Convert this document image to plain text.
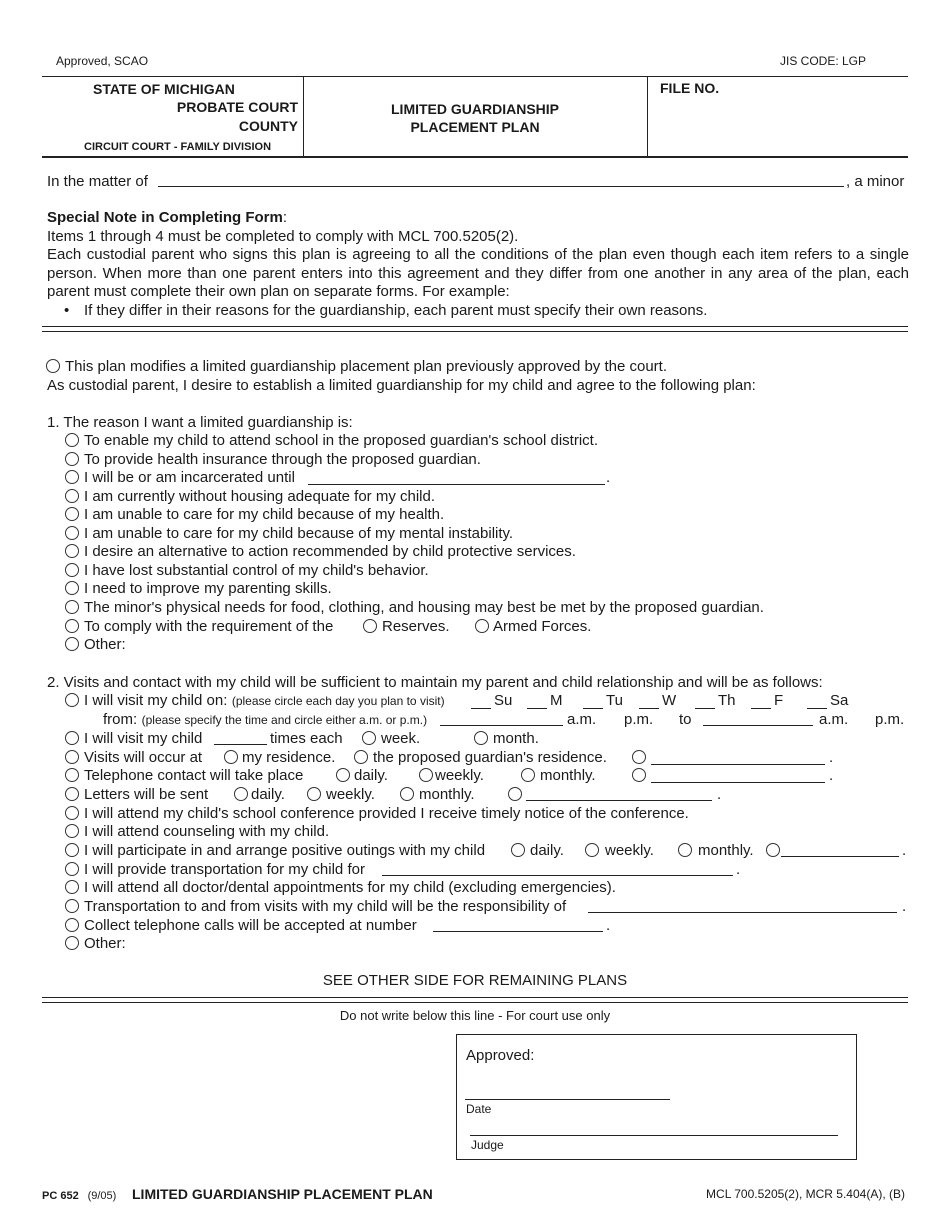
Approved, SCAO	JIS CODE: LGP
STATE OF MICHIGAN
PROBATE COURT
COUNTY
CIRCUIT COURT - FAMILY DIVISION
LIMITED GUARDIANSHIP
PLACEMENT PLAN
FILE NO.
In the matter of	, a minor
Special Note in Completing Form:
Items 1 through 4 must be completed to comply with MCL 700.5205(2).
Each custodial parent who signs this plan is agreeing to all the conditions of the plan even though each item refers to a single person. When more than one parent enters into this agreement and they differ from one another in any area of the plan, each parent must complete their own plan on separate forms. For example:
• If they differ in their reasons for the guardianship, each parent must specify their own reasons.
This plan modifies a limited guardianship placement plan previously approved by the court.
As custodial parent, I desire to establish a limited guardianship for my child and agree to the following plan:
1. The reason I want a limited guardianship is:
To enable my child to attend school in the proposed guardian's school district.
To provide health insurance through the proposed guardian.
I will be or am incarcerated until	.
I am currently without housing adequate for my child.
I am unable to care for my child because of my health.
I am unable to care for my child because of my mental instability.
I desire an alternative to action recommended by child protective services.
I have lost substantial control of my child's behavior.
I need to improve my parenting skills.
The minor's physical needs for food, clothing, and housing may best be met by the proposed guardian.
To comply with the requirement of the	Reserves.	Armed Forces.
Other:
2. Visits and contact with my child will be sufficient to maintain my parent and child relationship and will be as follows:
I will visit my child on: (please circle each day you plan to visit)	Su	M	Tu	W	Th	F	Sa
from: (please specify the time and circle either a.m. or p.m.)	a.m. p.m. to	a.m. p.m.
I will visit my child	times each	week.	month.
Visits will occur at	my residence.	the proposed guardian's residence.	.
Telephone contact will take place	daily.	weekly.	monthly.	.
Letters will be sent	daily.	weekly.	monthly.	.
I will attend my child's school conference provided I receive timely notice of the conference.
I will attend counseling with my child.
I will participate in and arrange positive outings with my child	daily.	weekly.	monthly.	.
I will provide transportation for my child for	.
I will attend all doctor/dental appointments for my child (excluding emergencies).
Transportation to and from visits with my child will be the responsibility of	.
Collect telephone calls will be accepted at number	.
Other:
SEE OTHER SIDE FOR REMAINING PLANS
Do not write below this line - For court use only
Approved:
Date
Judge
PC 652 (9/05) LIMITED GUARDIANSHIP PLACEMENT PLAN	MCL 700.5205(2), MCR 5.404(A), (B)
